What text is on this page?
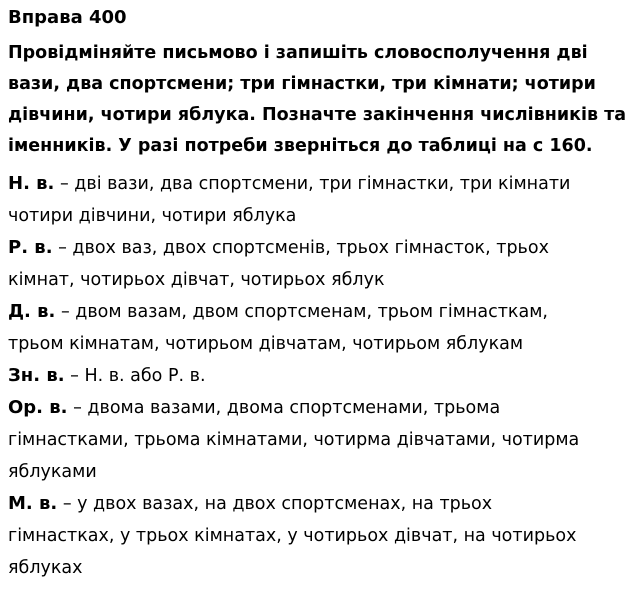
Вправа 400
Провідміняйте письмово і запишіть словосполучення дві
вази, два спортсмени; три гімнастки, три кімнати; чотири
дівчини, чотири яблука. Позначте закінчення числівників та
іменників. У разі потреби зверніться до таблиці на с 160.
Н. в. – дві вази, два спортсмени, три гімнастки, три кімнати
чотири дівчини, чотири яблука
Р. в. – двох ваз, двох спортсменів, трьох гімнасток, трьох
кімнат, чотирьох дівчат, чотирьох яблук
Д. в. – двом вазам, двом спортсменам, трьом гімнасткам,
трьом кімнатам, чотирьом дівчатам, чотирьом яблукам
Зн. в. – Н. в. або Р. в.
Ор. в. – двома вазами, двома спортсменами, трьома
гімнастками, трьома кімнатами, чотирма дівчатами, чотирма
яблуками
М. в. – у двох вазах, на двох спортсменах, на трьох
гімнастках, у трьох кімнатах, у чотирьох дівчат, на чотирьох
яблуках
